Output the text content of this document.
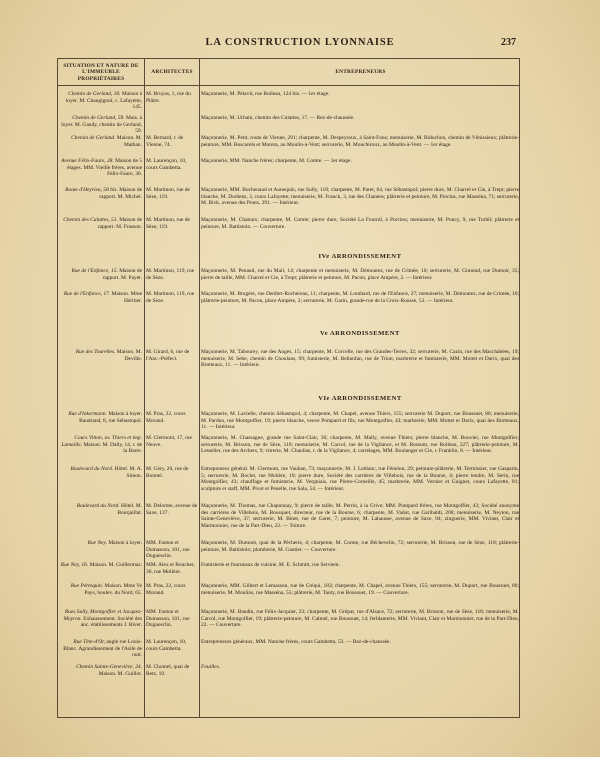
LA CONSTRUCTION LYONNAISE	237
SITUATION ET NATURE DE L'IMMEUBLE PROPRIÉTAIRES
ARCHITECTES	ENTREPRENEURS
Chemin de Gerland, 30. Maison à loyer. M. Changignol, c. Lafayette, 145.
M. Bruyas, 1, rue du Plâtre.
Maçonnerie, M. Pétavit, rue Boileau, 124 bis. — 1er étage.
Chemin de Gerland, 59. Mais. à loyer. M. Gandy, chemin de Gerland, 59.
Maçonnerie, M. Urbain, chemin des Culattes, 17. — Rez-de-chaussée.
Chemin de Gerland. Maison. M. Mathan.
M. Bernard, r. de Vienne, 74.
Maçonnerie, M. Petit, route de Vienne, 291; charpente, M. Despeyroux, à Saint-Fons; menuiserie, M. Bidochon, chemin de Vénissieux; plâtrerie-peinture, MM. Boscarels et Morera, au Moulin-à-Vent; serrurerie, M. Mouchiroux, au Moulin-à-Vent. — 1er étage.
Avenue Félix-Faure, 28. Maison de 5 étages. MM. Vieille frères, avenue Félix-Faure, 30.
M. Laurençon, 10, cours Gambetta.
Maçonnerie, MM. Nanche frères; charpente, M. Comte. — 1er étage.
Route d'Heyrieu, 58 bis. Maison de rapport. M. Michel.
M. Martinon, rue de Sèze, 119.
Maçonnerie, MM. Buchenaud et Aunequin, rue Sully, 118; charpente, M. Paret, 64, rue Sébastopol; pierre dure, M. Charrel et Cie, à Trept; pierre blanche, M. Dodiens, 3, cours Lafayette; menuiserie, M. Franck, 3, rue des Chanées; plâtrerie et peinture, M. Pinclus, rue Masséna, 71; serrurerie, M. Bick, avenue des Ponts, 291. — Intérieur.
Chemin des Culattes, 51. Maison de rapport. M. Frasson.
M. Martinon, rue de Sèze, 119.
Maçonnerie, M. Chatoux; charpente, M. Comte; pierre dure, Société La Fournil, à Porcieu; menuiserie, M. Poncy, 9, rue Turbil; plâtrerie et peinture, M. Battistolo. — Couverture.
IVe ARRONDISSEMENT
Rue de l'Enfance, 15. Maison de rapport. M. Payet.
M. Martinon, 119, rue de Sèze.
Maçonnerie, M. Penaud, rue du Mail, 14; charpente et menuiserie, M. Démoutez, rue de Crimée, 10; serrurerie, M. Gimond, rue Dumoir, 35; pierre de taille, MM. Charrel et Cie, à Trept; plâtrerie et peinture, M. Pacon, place Ampère, 2. — Intérieur.
Rue de l'Enfance, 17. Maison. Mme Héritier.
M. Martinon, 119, rue de Sèze.
Maçonnerie, M. Brugère, rue Denfert-Rochereau, 11; charpente, M. Lombard, rue de l'Enfance, 27; menuiserie, M. Démoutez, rue de Crimée, 10; plâtrerie-peinture, M. Pacon, place Ampère, 2; serrurerie, M. Garin, grande-rue de la Croix-Rousse, 53. — Intérieur.
Ve ARRONDISSEMENT
Rue des Tourelles. Maison. M. Deville.
M. Girard, 6, rue de l'Anc.-Préfect.
Maçonnerie, M. Tabourey, rue des Anges, 15; charpente, M. Corcelle, rue des Grandes-Terres, 32; serrurerie, M. Cazin, rue des Macchabées, 19; menuiserie, M. Sebe, chemin de Choulans, 99; fumisterie, M. Bellanfan, rue de Trion; marbrerie et fumisterie, MM. Mottet et Darix, quai des Brotteaux, 11. — Intérieur.
VIe ARRONDISSEMENT
Rue d'Inkermann. Maison à loyer. Baudrand, 8, rue Sébastopol.
M. Pras, 22, cours Morand.
Maçonnerie, M. Lavielle, chemin Sébastopol, 4; charpente, M. Chapel, avenue Thiers, 155; serrurerie M. Duport, rue Boussuet, 80; menuiserie, M. Pardon, rue Montgolfier, 19; pierre blanche, veuve Pompard et fils, rue Montgolfier, 43; marbrerie, MM. Mottet et Darix, quai des Brotteaux, 11. — Intérieur.
Cours Vitton, av. Thiers et imp. Lamaille. Maison. M. Dally, 14, r. de la Barre.
M. Clermont, 17, rue Neuve.
Maçonnerie, M. Chassagne, grande rue Saint-Clair, 36; charpente, M. Mally, avenue Thiers; pierre blanche, M. Bouvier, rue Montgolfier; serrurerie, M. Brisson, rue de Sèze, 118; menuiserie, M. Carcol, rue de la Vigilance, et M. Bossum, rue Boileau, 227; plâtrerie-peinture, M. Lesselier, rue des Archers, 9; vitrerie, M. Chaulias, r. de la Vigilance, 4; carrelages, MM. Boulanger et Cie, r. Franklin, 8. — Intérieur.
Boulevard du Nord. Hôtel. M. A. Simon.
M. Géry, 20, rue de Bonnel.
Entrepreneur général. M. Clermont, rue Vauban, 73; maçonnerie, M. J. Leblanc, rue Fénelon, 29; peinture-plâtrerie, M. Termissier, rue Gasparin, 5; serrurerie, M. Boclet, rue Molière, 10; pierre dure, Société des carrières de Villebois, rue de la Bourse, 4; pierre tendre, M. Serin, rue Montgolfier, 43; chauffage et fumisterie, M. Vergniais, rue Pierre-Corneille, 45; marbrerie, MM. Vernier et Guignet, cours Lafayette, 81; sculpture et staff, MM. Pivot et Penelle, rue Sala, 54. — Intérieur.
Boulevard du Nord. Hôtel. M. Bourjaillat.
M. Delorme, avenue de Saxe, 137.
Maçonnerie, M. Thomas, rue Chaponnay, 9; pierre de taille, M. Perrin, à la Grive; MM. Pompard frères, rue Montgolfier, 43; Société anonyme des carrières de Villebois, M. Bousquet, directeur, rue de la Bourse, 6; charpente, M. Vadot, rue Garibaldi, 208; menuiserie, M. Neyton, rue Sainte-Geneviève, 37; serrurerie, M. Binet, rue de Garet, 7; peinture, M. Lahausse, avenue de Saxe, 84; zinguerie, MM. Viviant, Clair et Marmonnier, rue de la Part-Dieu, 22. — Toiture.
Rue Ney. Maison à loyer. MM. Fanton et Dumasson, 101, rue Duguesclin.
Maçonnerie, M. Dumont, quai de la Pêcherie, 4; charpente, M. Comte, rue Béchevelin, 72; serrurerie, M. Brisson, rue de Sèze, 118; plâtrerie-peinture, M. Battistolo; plomberie, M. Gautier. — Couverture.
Rue Ney, 16. Maison. M. Guillermaz. MM. Alex et Boucher, 30, rue Molière.
Fumisterie et fourneaux de cuisine, M. E. Schmitt, rue Servient.
Rue Pétrequin. Maison. Mme Ve Pays, boulev. du Nord, 65.
M. Pras, 22, cours Morand.
Maçonnerie, MM. Gilbert et Lemasson, rue de Créqui, 183; charpente, M. Chapel, avenue Thiers, 155; serrurerie, M. Duport, rue Boussuet, 80; menuiserie, M. Moulins, rue Masséna, 55; plâtrerie, M. Tauty, rue Boussuet, 19. — Couverture.
Rues Sully, Montgolfier et Jacquez-Moyron. Exhaussement. Société des anc. établissements J. Rivet.
MM. Fanton et Dumasson, 101, rue Duguesclin.
Maçonnerie, M. Baudin, rue Félix-Jacquier, 23; charpente, M. Grépat, rue d'Alsace, 72; serrurerie, M. Brisson, rue de Sèze, 118; menuiserie, M. Carcol, rue Montgolfier, 19; plâtrerie-peinture, M. Calmel, rue Boussuet, 14; ferblanterie, MM. Viviant, Clair et Marmonnier, rue de la Part-Dieu, 22. — Couverture.
Rue Tête-d'Or, angle rue Louis-Blanc. Agrandissement de l'Asile de nuit.
M. Laurençon, 10, cours Gambetta.
Entrepreneurs généraux, MM. Nanche frères, cours Gambetta, 53. — Rez-de-chaussée.
Chemin Sainte-Geneviève, 24. Maison. M. Guillot.
M. Chomel, quai de Retz, 10.
Fouilles.
